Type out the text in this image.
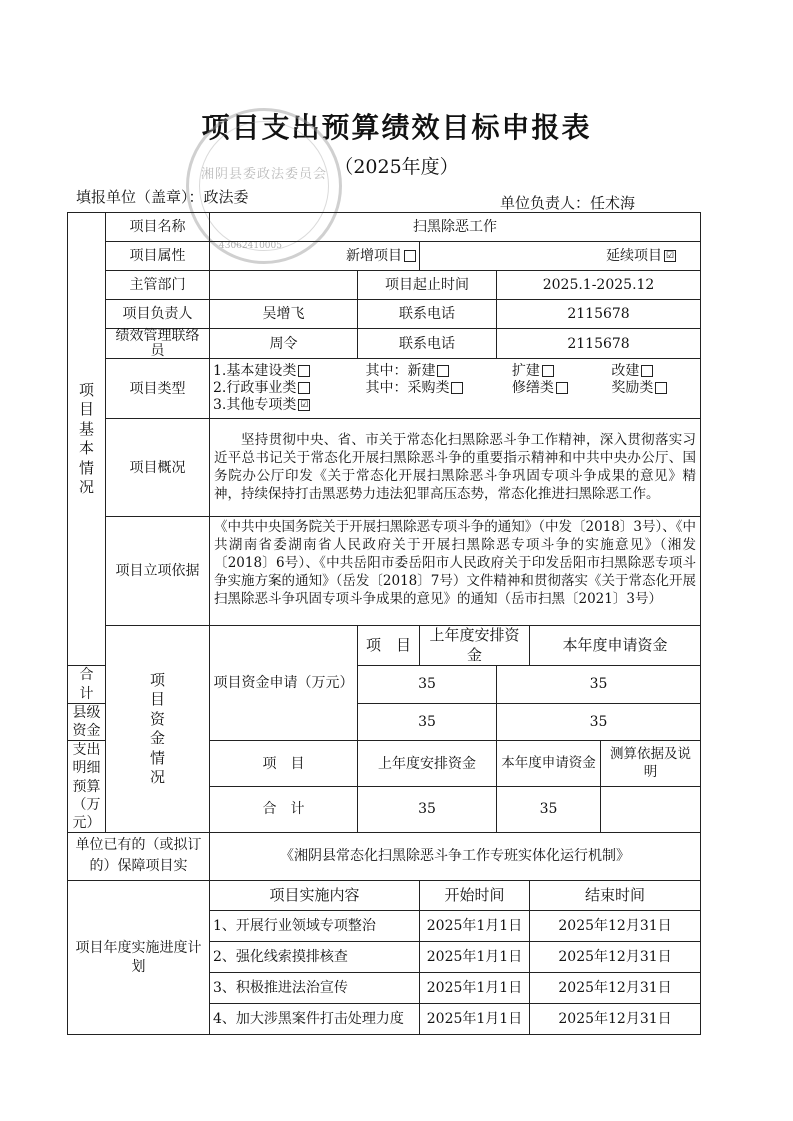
项目支出预算绩效目标申报表
（2025年度）
湘阴县委政法委员会
43062410005
填报单位（盖章）：政法委	单位负责人：任术海
项目基本情况	项目名称	扫黑除恶工作					
	项目属性	新增项目		延续项目 ☑			
	主管部门		项目起止时间		2025.1-2025.12		
	项目负责人	吴增飞	联系电话		2115678		
	绩效管理联络员	周令	联系电话		2115678		
	项目类型	1.基本建设类 其中：新建 扩建 改建
2.行政事业类 其中：采购类 修缮类 奖励类
3.其他专项类 ☑					

	项目概况	坚持贯彻中央、省、市关于常态化扫黑除恶斗争工作精神，深入贯彻落实习近平总书记关于常态化开展扫黑除恶斗争的重要指示精神和中共中央办公厅、国务院办公厅印发《关于常态化开展扫黑除恶斗争巩固专项斗争成果的意见》精神，持续保持打击黑恶势力违法犯罪高压态势，常态化推进扫黑除恶工作。					
	项目立项依据	《中共中央国务院关于开展扫黑除恶专项斗争的通知》（中发〔2018〕3号）、《中共湖南省委湖南省人民政府关于开展扫黑除恶专项斗争的实施意见》（湘发〔2018〕6号）、《中共岳阳市委岳阳市人民政府关于印发岳阳市扫黑除恶专项斗争实施方案的通知》（岳发〔2018〕7号）文件精神和贯彻落实《关于常态化开展扫黑除恶斗争巩固专项斗争成果的意见》的通知（岳市扫黑〔2021〕3号）					

	项目资金情况	项目资金申请（万元）	项　目	上年度安排资金		本年度申请资金	
合　计			35		35		
县级资金			35		35		
支出明细预算（万元）		项　目	上年度安排资金		本年度申请资金		测算依据及说明
		合　计	35		35		

单位已有的（或拟订的）保障项目实		《湘阴县常态化扫黑除恶斗争工作专班实体化运行机制》					
项目年度实施进度计划		项目实施内容		开始时间		结束时间	
		1、开展行业领域专项整治		2025年1月1日		2025年12月31日	
		2、强化线索摸排核查		2025年1月1日		2025年12月31日	
		3、积极推进法治宣传		2025年1月1日		2025年12月31日	
		4、加大涉黑案件打击处理力度		2025年1月1日		2025年12月31日	
